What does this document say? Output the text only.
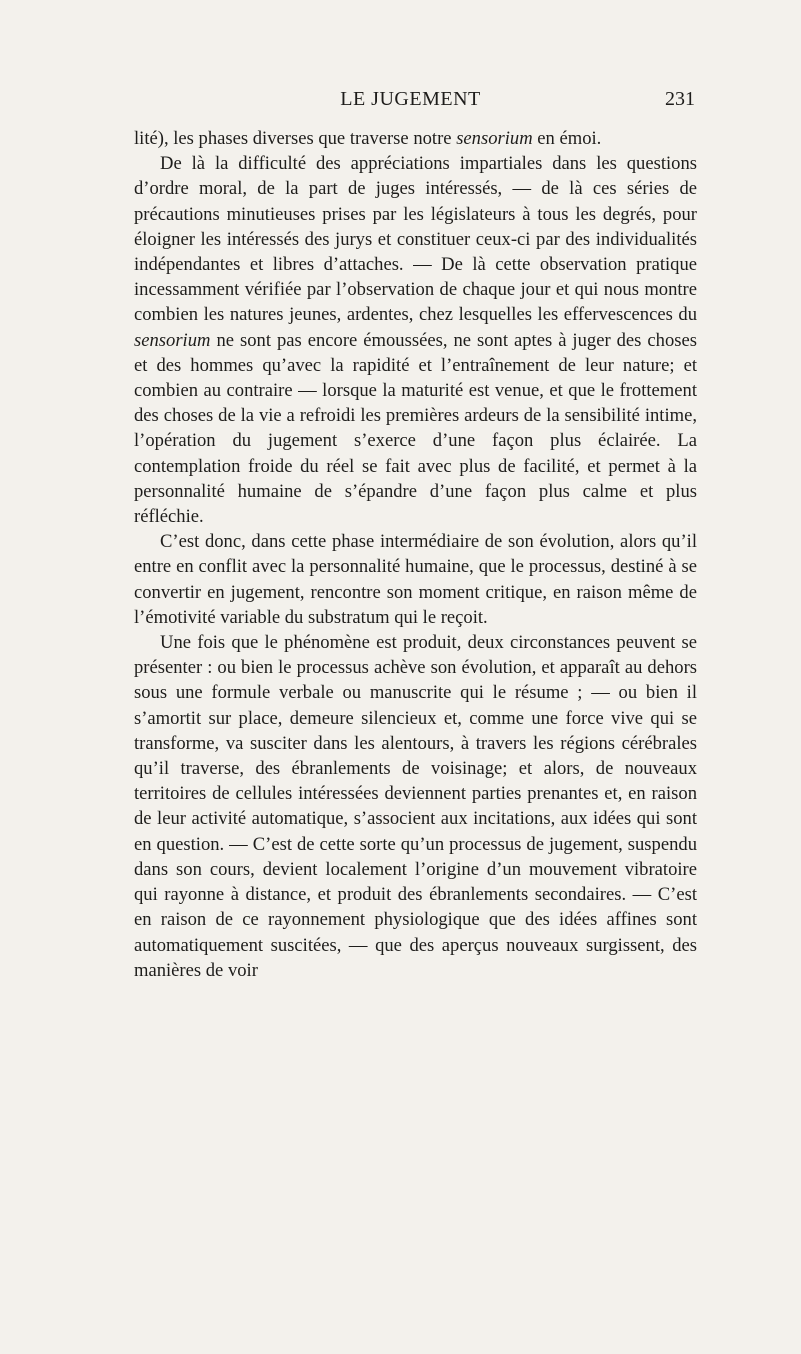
LE JUGEMENT	231

lité), les phases diverses que traverse notre sensorium en émoi.

De là la difficulté des appréciations impartiales dans les questions d’ordre moral, de la part de juges intéressés, — de là ces séries de précautions minutieuses prises par les législateurs à tous les degrés, pour éloigner les intéressés des jurys et constituer ceux-ci par des individualités indépendantes et libres d’attaches. — De là cette observation pratique incessamment vérifiée par l’observation de chaque jour et qui nous montre combien les natures jeunes, ardentes, chez lesquelles les effervescences du sensorium ne sont pas encore émoussées, ne sont aptes à juger des choses et des hommes qu’avec la rapidité et l’entraînement de leur nature; et combien au contraire — lorsque la maturité est venue, et que le frottement des choses de la vie a refroidi les premières ardeurs de la sensibilité intime, l’opération du jugement s’exerce d’une façon plus éclairée. La contemplation froide du réel se fait avec plus de facilité, et permet à la personnalité humaine de s’épandre d’une façon plus calme et plus réfléchie.

C’est donc, dans cette phase intermédiaire de son évolution, alors qu’il entre en conflit avec la personnalité humaine, que le processus, destiné à se convertir en jugement, rencontre son moment critique, en raison même de l’émotivité variable du substratum qui le reçoit.

Une fois que le phénomène est produit, deux circonstances peuvent se présenter : ou bien le processus achève son évolution, et apparaît au dehors sous une formule verbale ou manuscrite qui le résume ; — ou bien il s’amortit sur place, demeure silencieux et, comme une force vive qui se transforme, va susciter dans les alentours, à travers les régions cérébrales qu’il traverse, des ébranlements de voisinage; et alors, de nouveaux territoires de cellules intéressées deviennent parties prenantes et, en raison de leur activité automatique, s’associent aux incitations, aux idées qui sont en question. — C’est de cette sorte qu’un processus de jugement, suspendu dans son cours, devient localement l’origine d’un mouvement vibratoire qui rayonne à distance, et produit des ébranlements secondaires. — C’est en raison de ce rayonnement physiologique que des idées affines sont automatiquement suscitées, — que des aperçus nouveaux surgissent, des manières de voir
